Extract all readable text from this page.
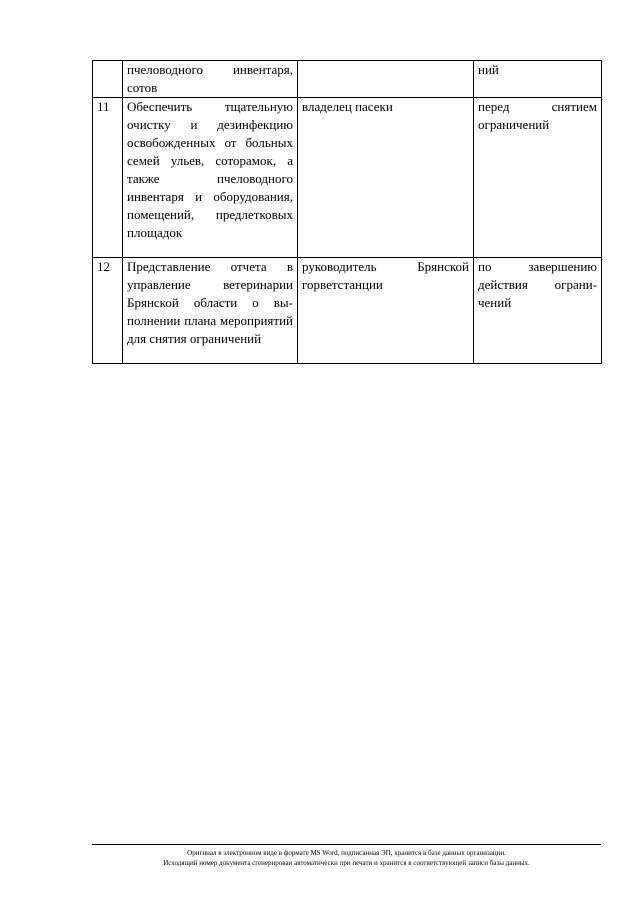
	пчеловодного инвентаря, сотов		ний
11	Обеспечить тщательную очистку и дезинфекцию освобожденных от больных семей ульев, соторамок, а также пчеловодного инвентаря и оборудования, помещений, предлетковых площадок	владелец пасеки	перед снятием ограничений
12	Представление отчета в управление ветеринарии Брянской области о выполнении плана мероприятий для снятия ограничений	руководитель Брянской горветстанции	по завершению действия ограничений
Оригинал в электронном виде в формате MS Word, подписанная ЭП, хранится в базе данных организации.
Исходящий номер документа сгенерирован автоматически при печати и хранится в соответствующей записи базы данных.
